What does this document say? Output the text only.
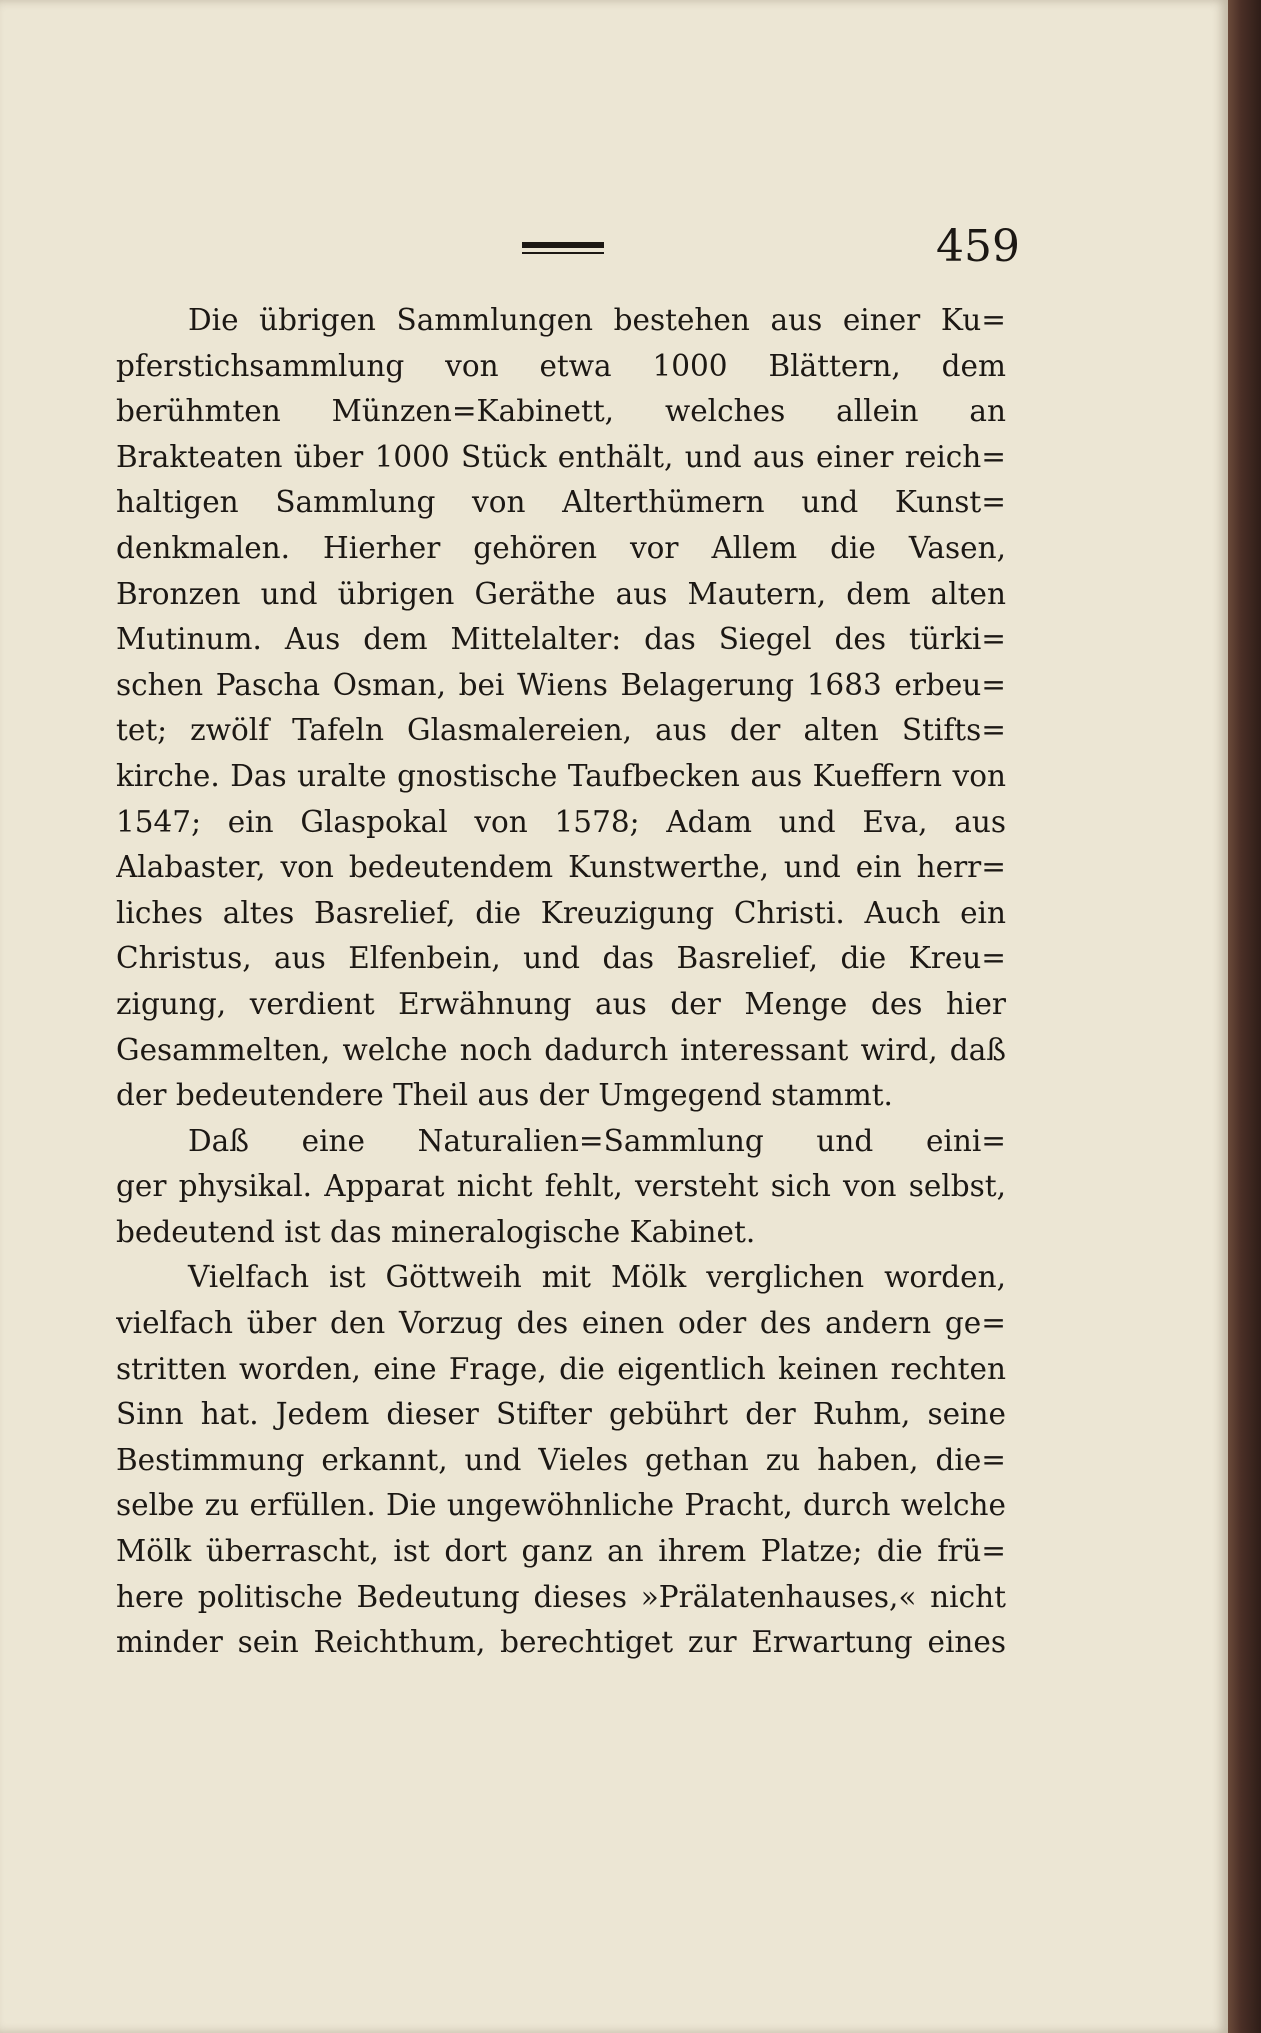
459
Die übrigen Sammlungen bestehen aus einer Ku=
pferstichsammlung von etwa 1000 Blättern, dem
berühmten Münzen=Kabinett, welches allein an
Brakteaten über 1000 Stück enthält, und aus einer reich=
haltigen Sammlung von Alterthümern und Kunst=
denkmalen. Hierher gehören vor Allem die Vasen,
Bronzen und übrigen Geräthe aus Mautern, dem alten
Mutinum. Aus dem Mittelalter: das Siegel des türki=
schen Pascha Osman, bei Wiens Belagerung 1683 erbeu=
tet; zwölf Tafeln Glasmalereien, aus der alten Stifts=
kirche. Das uralte gnostische Taufbecken aus Kueffern von
1547; ein Glaspokal von 1578; Adam und Eva, aus
Alabaster, von bedeutendem Kunstwerthe, und ein herr=
liches altes Basrelief, die Kreuzigung Christi. Auch ein
Christus, aus Elfenbein, und das Basrelief, die Kreu=
zigung, verdient Erwähnung aus der Menge des hier
Gesammelten, welche noch dadurch interessant wird, daß
der bedeutendere Theil aus der Umgegend stammt.
Daß eine Naturalien=Sammlung und eini=
ger physikal. Apparat nicht fehlt, versteht sich von selbst,
bedeutend ist das mineralogische Kabinet.
Vielfach ist Göttweih mit Mölk verglichen worden,
vielfach über den Vorzug des einen oder des andern ge=
stritten worden, eine Frage, die eigentlich keinen rechten
Sinn hat. Jedem dieser Stifter gebührt der Ruhm, seine
Bestimmung erkannt, und Vieles gethan zu haben, die=
selbe zu erfüllen. Die ungewöhnliche Pracht, durch welche
Mölk überrascht, ist dort ganz an ihrem Platze; die frü=
here politische Bedeutung dieses »Prälatenhauses,« nicht
minder sein Reichthum, berechtiget zur Erwartung eines
